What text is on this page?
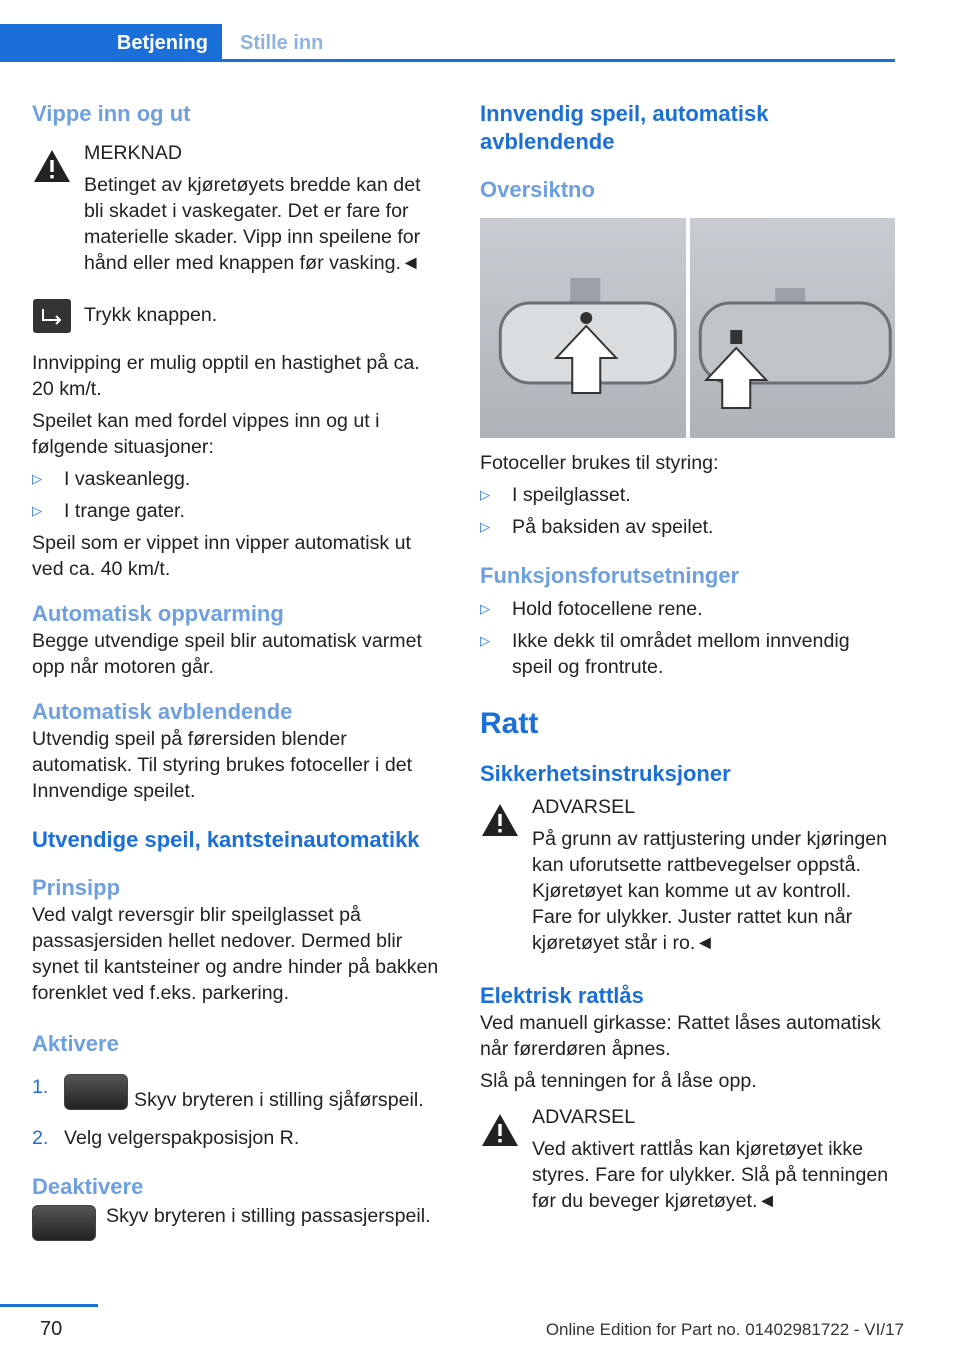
Betjening	Stille inn
Vippe inn og ut

MERKNAD

Betinget av kjøretøyets bredde kan det bli skadet i vaskegater. Det er fare for materielle skader. Vipp inn speilene for hånd eller med knappen før vasking.◄

Trykk knappen.

Innvipping er mulig opptil en hastighet på ca. 20 km/t.

Speilet kan med fordel vippes inn og ut i følgende situasjoner:

▷ I vaskeanlegg.
▷ I trange gater.

Speil som er vippet inn vipper automatisk ut ved ca. 40 km/t.

Automatisk oppvarming

Begge utvendige speil blir automatisk varmet opp når motoren går.

Automatisk avblendende

Utvendig speil på førersiden blender automatisk. Til styring brukes fotoceller i det Innvendige speilet.

Utvendige speil, kantsteinautomatikk
Prinsipp

Ved valgt reversgir blir speilglasset på passasjersiden hellet nedover. Dermed blir synet til kantsteiner og andre hinder på bakken forenklet ved f.eks. parkering.

Aktivere
1.
Skyv bryteren i stilling sjåførspeil.
2. Velg velgerspakposisjon R.
Deaktivere

Skyv bryteren i stilling passasjerspeil.

Innvendig speil, automatisk avblendende
Oversiktno

Fotoceller brukes til styring:

▷ I speilglasset.
▷ På baksiden av speilet.
Funksjonsforutsetninger
▷ Hold fotocellene rene.
▷ Ikke dekk til området mellom innvendig speil og frontrute.
Ratt
Sikkerhetsinstruksjoner

ADVARSEL

På grunn av rattjustering under kjøringen kan uforutsette rattbevegelser oppstå. Kjøretøyet kan komme ut av kontroll. Fare for ulykker. Juster rattet kun når kjøretøyet står i ro.◄

Elektrisk rattlås

Ved manuell girkasse: Rattet låses automatisk når førerdøren åpnes.

Slå på tenningen for å låse opp.

ADVARSEL

Ved aktivert rattlås kan kjøretøyet ikke styres. Fare for ulykker. Slå på tenningen før du beveger kjøretøyet.◄

70	Online Edition for Part no. 01402981722 - VI/17
